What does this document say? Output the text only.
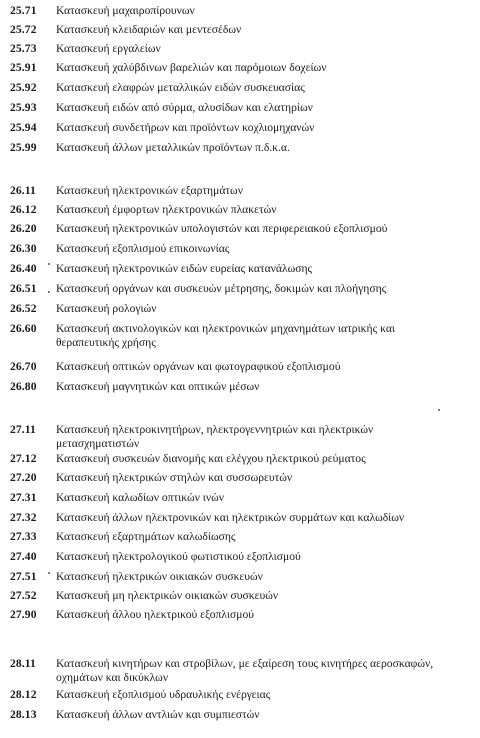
25.71	Κατασκευή μαχαιροπίρουνων
25.72	Κατασκευή κλειδαριών και μεντεσέδων
25.73	Κατασκευή εργαλείων
25.91	Κατασκευή χαλύβδινων βαρελιών και παρόμοιων δοχείων
25.92	Κατασκευή ελαφρών μεταλλικών ειδών συσκευασίας
25.93	Κατασκευή ειδών από σύρμα, αλυσίδων και ελατηρίων
25.94	Κατασκευή συνδετήρων και προϊόντων κοχλιομηχανών
25.99	Κατασκευή άλλων μεταλλικών προϊόντων π.δ.κ.α.
26.11	Κατασκευή ηλεκτρονικών εξαρτημάτων
26.12	Κατασκευή έμφορτων ηλεκτρονικών πλακετών
26.20	Κατασκευή ηλεκτρονικών υπολογιστών και περιφερειακού εξοπλισμού
26.30	Κατασκευή εξοπλισμού επικοινωνίας
26.40	Κατασκευή ηλεκτρονικών ειδών ευρείας κατανάλωσης
26.51	Κατασκευή οργάνων και συσκευών μέτρησης, δοκιμών και πλοήγησης
26.52	Κατασκευή ρολογιών
26.60	Κατασκευή ακτινολογικών και ηλεκτρονικών μηχανημάτων ιατρικής και
θεραπευτικής χρήσης
26.70	Κατασκευή οπτικών οργάνων και φωτογραφικού εξοπλισμού
26.80	Κατασκευή μαγνητικών και οπτικών μέσων
27.11	Κατασκευή ηλεκτροκινητήρων, ηλεκτρογεννητριών και ηλεκτρικών
μετασχηματιστών
27.12	Κατασκευή συσκευών διανομής και ελέγχου ηλεκτρικού ρεύματος
27.20	Κατασκευή ηλεκτρικών στηλών και συσσωρευτών
27.31	Κατασκευή καλωδίων οπτικών ινών
27.32	Κατασκευή άλλων ηλεκτρονικών και ηλεκτρικών συρμάτων και καλωδίων
27.33	Κατασκευή εξαρτημάτων καλωδίωσης
27.40	Κατασκευή ηλεκτρολογικού φωτιστικού εξοπλισμού
27.51	Κατασκευή ηλεκτρικών οικιακών συσκευών
27.52	Κατασκευή μη ηλεκτρικών οικιακών συσκευών
27.90	Κατασκευή άλλου ηλεκτρικού εξοπλισμού
28.11	Κατασκευή κινητήρων και στροβίλων, με εξαίρεση τους κινητήρες αεροσκαφών,
οχημάτων και δικύκλων
28.12	Κατασκευή εξοπλισμού υδραυλικής ενέργειας
28.13	Κατασκευή άλλων αντλιών και συμπιεστών
